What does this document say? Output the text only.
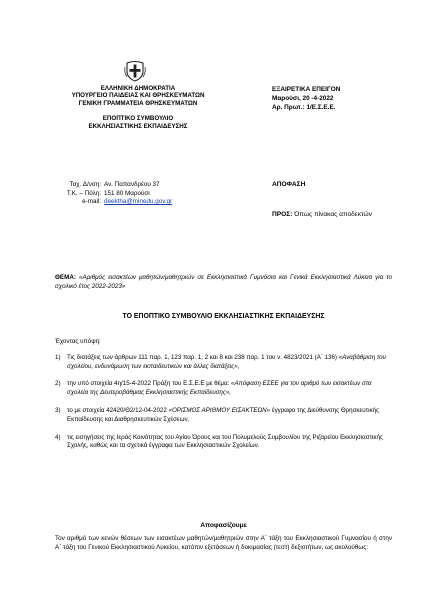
ΕΛΛΗΝΙΚΗ ΔΗΜΟΚΡΑΤΙΑ
ΥΠΟΥΡΓΕΙΟ ΠΑΙΔΕΙΑΣ ΚΑΙ ΘΡΗΣΚΕΥΜΑΤΩΝ
ΓΕΝΙΚΗ ΓΡΑΜΜΑΤΕΙΑ ΘΡΗΣΚΕΥΜΑΤΩΝ
ΕΠΟΠΤΙΚΟ ΣΥΜΒΟΥΛΙΟ
ΕΚΚΛΗΣΙΑΣΤΙΚΗΣ ΕΚΠΑΙΔΕΥΣΗΣ
ΕΞΑΙΡΕΤΙΚΑ ΕΠΕΙΓΟΝ
Μαρούσι, 20 -4-2022
Αρ. Πρωτ.: 1/Ε.Σ.Ε.Ε.
Ταχ. Δ/νση: Αν. Παπανδρέου 37
Τ.Κ. – Πόλη: 151 80 Μαρούσι
e-mail: deektha@minedu.gov.gr
ΑΠΟΦΑΣΗ
ΠΡΟΣ: Όπως πίνακας αποδεκτών
ΘΕΜΑ: «Αριθμός εισακτέων μαθητών/μαθητριών σε Εκκλησιαστικά Γυμνάσια και Γενικά Εκκλησιαστικά Λύκεια για το σχολικό έτος 2022-2023»
ΤΟ ΕΠΟΠΤΙΚΟ ΣΥΜΒΟΥΛΙΟ ΕΚΚΛΗΣΙΑΣΤΙΚΗΣ ΕΚΠΑΙΔΕΥΣΗΣ

Έχοντας υπόψη:

1)	Τις διατάξεις των άρθρων 111 παρ. 1, 123 παρ. 1, 2 και 8 και 238 παρ. 1 του ν. 4823/2021 (Α΄ 136) «Αναβάθμιση του σχολείου, ενδυνάμωση των εκπαιδευτικών και άλλες διατάξεις»,
2)	την υπό στοιχεία 4η/15-4-2022 Πράξη του Ε.Σ.Ε.Ε με θέμα: «Απόφαση ΕΣΕΕ για τον αριθμό των εισακτέων στα σχολεία της Δευτεροβάθμιας Εκκλησιαστικής Εκπαίδευσης»,
3)	το με στοιχεία 42420/Θ2/12-04-2022 «ΟΡΙΣΜΟΣ ΑΡΙΘΜΟΥ ΕΙΣΑΚΤΕΩΝ» έγγραφο της Διεύθυνσης Θρησκευτικής Εκπαίδευσης και Διαθρησκευτικών Σχέσεων,
4)	τις εισηγήσεις της Ιεράς Κοινότητας του Αγίου Όρους και του Πολυμελούς Συμβουλίου της Ριζαρείου Εκκλησιαστικής Σχολής, καθώς και τα σχετικά έγγραφα των Εκκλησιαστικών Σχολείων.
Αποφασίζουμε
Τον αριθμό των κενών θέσεων των εισακτέων μαθητών/μαθητριών στην Α΄ τάξη του Εκκλησιαστικού Γυμνασίου ή στην Α΄ τάξη του Γενικού Εκκλησιαστικού Λυκείου, κατόπιν εξετάσεων ή δοκιμασίας (τεστ) δεξιοτήτων, ως ακολούθως:
